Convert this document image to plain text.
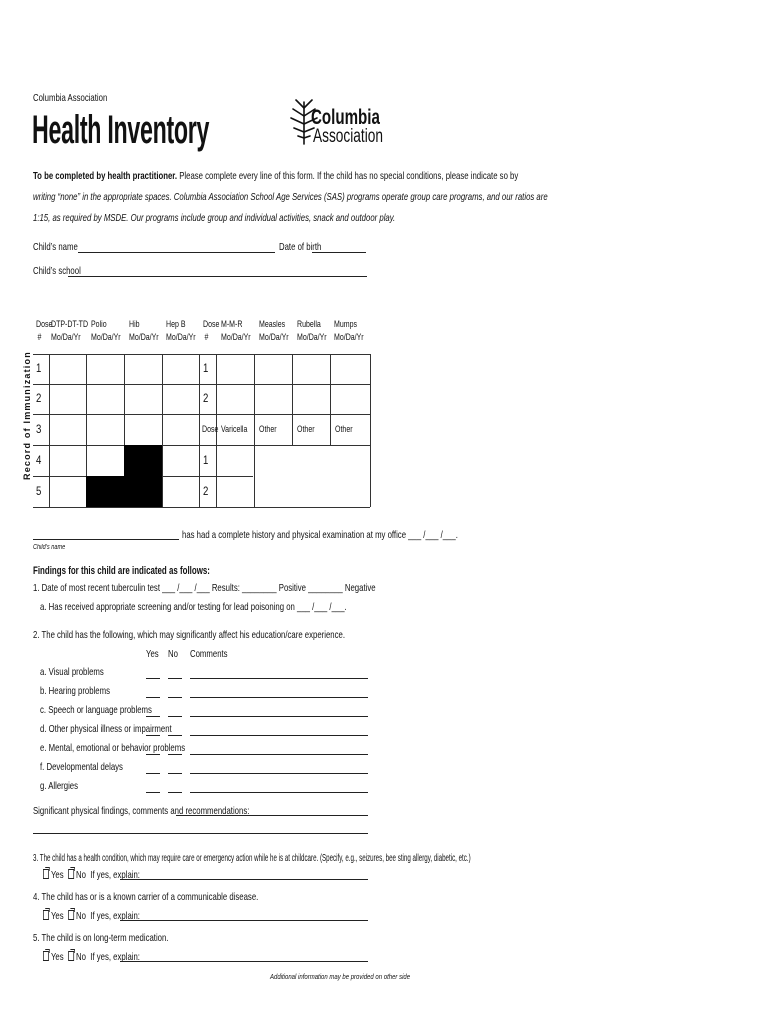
Columbia Association
Health Inventory	Columbia
Association
To be completed by health practitioner. Please complete every line of this form. If the child has no special conditions, please indicate so by
writing “none” in the appropriate spaces. Columbia Association School Age Services (SAS) programs operate group care programs, and our ratios are
1:15, as required by MSDE. Our programs include group and individual activities, snack and outdoor play.
Child’s name	Date of birth
Child’s school
Record of Immunization
Dose
#
DTP-DT-TD
Mo/Da/Yr
Polio
Mo/Da/Yr
Hib
Mo/Da/Yr
Hep B
Mo/Da/Yr
Dose
#
M-M-R
Mo/Da/Yr
Measles
Mo/Da/Yr
Rubella
Mo/Da/Yr
Mumps
Mo/Da/Yr
1
2
3
4
5
1
2
Dose Varicella Other Other Other
1
2
has had a complete history and physical examination at my office ___ /___ /___.
Child’s name
Findings for this child are indicated as follows:
1. Date of most recent tuberculin test ___ /___ /___ Results: ________ Positive ________ Negative
a. Has received appropriate screening and/or testing for lead poisoning on ___ /___ /___.
2. The child has the following, which may significantly affect his education/care experience.
Yes No Comments
a. Visual problems
b. Hearing problems
c. Speech or language problems
d. Other physical illness or impairment
e. Mental, emotional or behavior problems
f. Developmental delays
g. Allergies
Significant physical findings, comments and recommendations:
3. The child has a health condition, which may require care or emergency action while he is at childcare. (Specify, e.g., seizures, bee sting allergy, diabetic, etc.)
Yes No If yes, explain:
4. The child has or is a known carrier of a communicable disease.
Yes No If yes, explain:
5. The child is on long-term medication.
Yes No If yes, explain:
Additional information may be provided on other side
